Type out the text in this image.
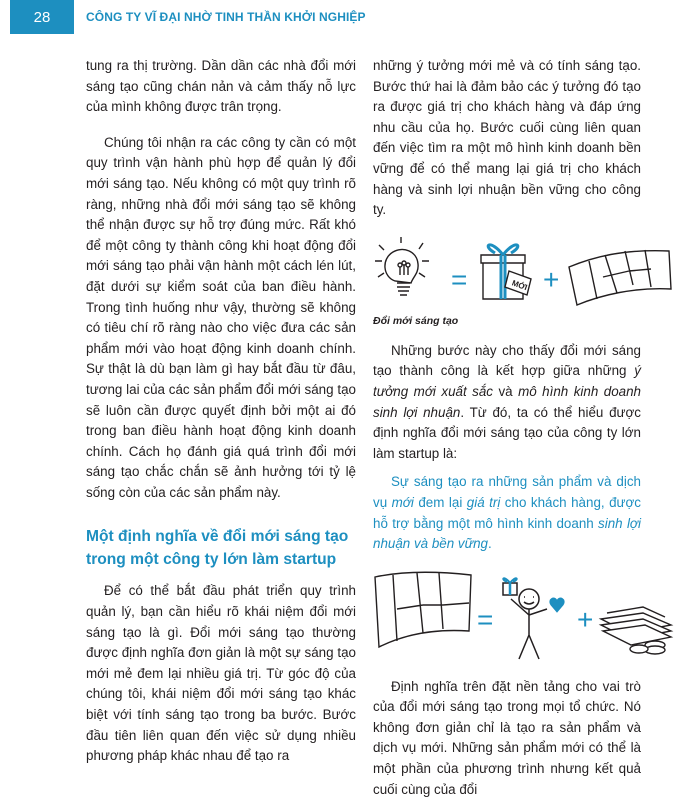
28	CÔNG TY VĨ ĐẠI NHỜ TINH THẦN KHỞI NGHIỆP

tung ra thị trường. Dần dần các nhà đổi mới sáng tạo cũng chán nản và cảm thấy nỗ lực của mình không được trân trọng.

Chúng tôi nhận ra các công ty cần có một quy trình vận hành phù hợp để quản lý đổi mới sáng tạo. Nếu không có một quy trình rõ ràng, những nhà đổi mới sáng tạo sẽ không thể nhận được sự hỗ trợ đúng mức. Rất khó để một công ty thành công khi hoạt động đổi mới sáng tạo phải vận hành một cách lén lút, đặt dưới sự kiểm soát của ban điều hành. Trong tình huống như vậy, thường sẽ không có tiêu chí rõ ràng nào cho việc đưa các sản phẩm mới vào hoạt động kinh doanh chính. Sự thật là dù bạn làm gì hay bắt đầu từ đâu, tương lai của các sản phẩm đổi mới sáng tạo sẽ luôn cần được quyết định bởi một ai đó trong ban điều hành hoạt động kinh doanh chính. Cách họ đánh giá quá trình đổi mới sáng tạo chắc chắn sẽ ảnh hưởng tới tỷ lệ sống còn của các sản phẩm này.

Một định nghĩa về đổi mới sáng tạo trong một công ty lớn làm startup

Để có thể bắt đầu phát triển quy trình quản lý, bạn cần hiểu rõ khái niệm đổi mới sáng tạo là gì. Đổi mới sáng tạo thường được định nghĩa đơn giản là một sự sáng tạo mới mẻ đem lại nhiều giá trị. Từ góc độ của chúng tôi, khái niệm đổi mới sáng tạo khác biệt với tính sáng tạo trong ba bước. Bước đầu tiên liên quan đến việc sử dụng nhiều phương pháp khác nhau để tạo ra

những ý tưởng mới mẻ và có tính sáng tạo. Bước thứ hai là đảm bảo các ý tưởng đó tạo ra được giá trị cho khách hàng và đáp ứng nhu cầu của họ. Bước cuối cùng liên quan đến việc tìm ra một mô hình kinh doanh bền vững để có thể mang lại giá trị cho khách hàng và sinh lợi nhuận bền vững cho công ty.

=	MỚI +
Đổi mới sáng tạo

Những bước này cho thấy đổi mới sáng tạo thành công là kết hợp giữa những ý tưởng mới xuất sắc và mô hình kinh doanh sinh lợi nhuận. Từ đó, ta có thể hiểu được định nghĩa đổi mới sáng tạo của công ty lớn làm startup là:

Sự sáng tạo ra những sản phẩm và dịch vụ mới đem lại giá trị cho khách hàng, được hỗ trợ bằng một mô hình kinh doanh sinh lợi nhuận và bền vững.

=	+

Định nghĩa trên đặt nền tảng cho vai trò của đổi mới sáng tạo trong mọi tổ chức. Nó không đơn giản chỉ là tạo ra sản phẩm và dịch vụ mới. Những sản phẩm mới có thể là một phần của phương trình nhưng kết quả cuối cùng của đổi
